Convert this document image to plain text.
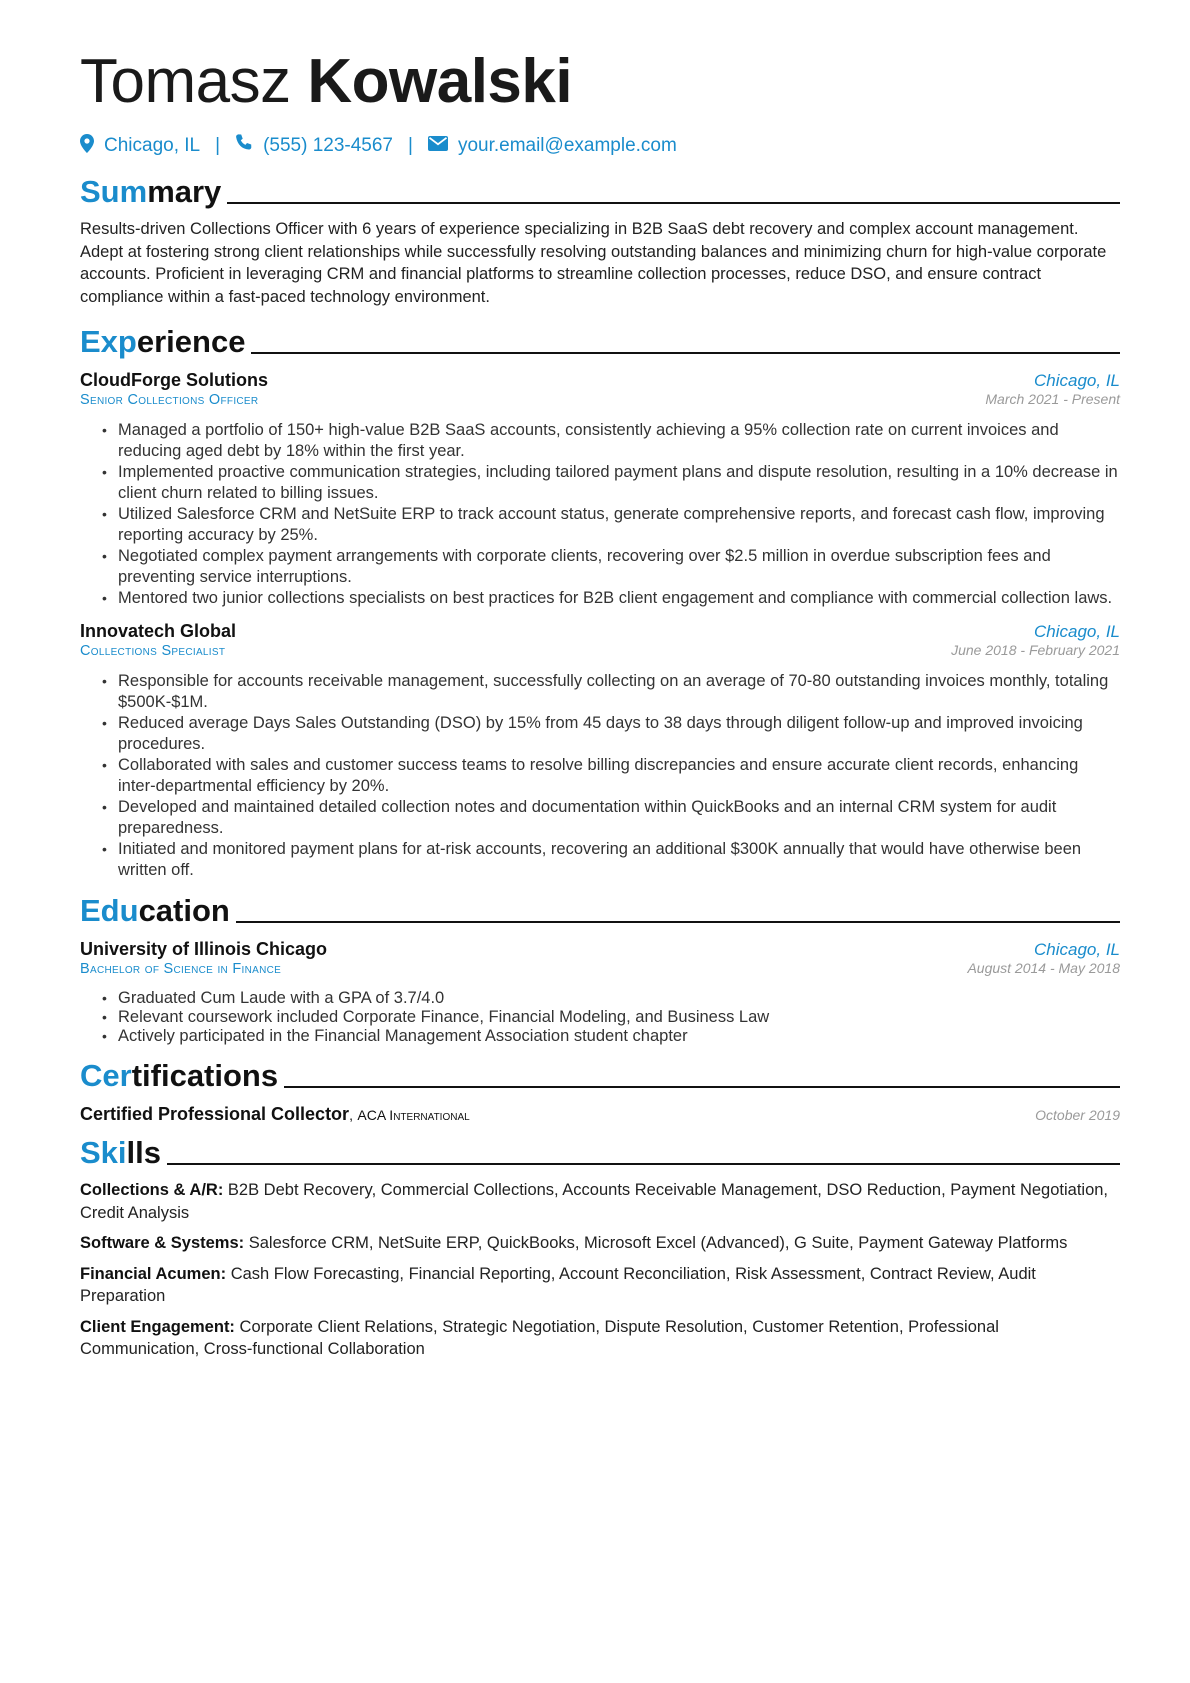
Tomasz Kowalski
Chicago, IL | (555) 123-4567 | your.email@example.com
Summary

Results-driven Collections Officer with 6 years of experience specializing in B2B SaaS debt recovery and complex account management. Adept at fostering strong client relationships while successfully resolving outstanding balances and minimizing churn for high-value corporate accounts. Proficient in leveraging CRM and financial platforms to streamline collection processes, reduce DSO, and ensure contract compliance within a fast-paced technology environment.

Experience
CloudForge Solutions	Chicago, IL
Senior Collections Officer	March 2021 - Present
• Managed a portfolio of 150+ high-value B2B SaaS accounts, consistently achieving a 95% collection rate on current invoices and reducing aged debt by 18% within the first year.
• Implemented proactive communication strategies, including tailored payment plans and dispute resolution, resulting in a 10% decrease in client churn related to billing issues.
• Utilized Salesforce CRM and NetSuite ERP to track account status, generate comprehensive reports, and forecast cash flow, improving reporting accuracy by 25%.
• Negotiated complex payment arrangements with corporate clients, recovering over $2.5 million in overdue subscription fees and preventing service interruptions.
• Mentored two junior collections specialists on best practices for B2B client engagement and compliance with commercial collection laws.
Innovatech Global	Chicago, IL
Collections Specialist	June 2018 - February 2021
• Responsible for accounts receivable management, successfully collecting on an average of 70-80 outstanding invoices monthly, totaling $500K-$1M.
• Reduced average Days Sales Outstanding (DSO) by 15% from 45 days to 38 days through diligent follow-up and improved invoicing procedures.
• Collaborated with sales and customer success teams to resolve billing discrepancies and ensure accurate client records, enhancing inter-departmental efficiency by 20%.
• Developed and maintained detailed collection notes and documentation within QuickBooks and an internal CRM system for audit preparedness.
• Initiated and monitored payment plans for at-risk accounts, recovering an additional $300K annually that would have otherwise been written off.
Education
University of Illinois Chicago	Chicago, IL
Bachelor of Science in Finance	August 2014 - May 2018
• Graduated Cum Laude with a GPA of 3.7/4.0
• Relevant coursework included Corporate Finance, Financial Modeling, and Business Law
• Actively participated in the Financial Management Association student chapter
Certifications
Certified Professional Collector, ACA International	October 2019
Skills

Collections & A/R: B2B Debt Recovery, Commercial Collections, Accounts Receivable Management, DSO Reduction, Payment Negotiation, Credit Analysis

Software & Systems: Salesforce CRM, NetSuite ERP, QuickBooks, Microsoft Excel (Advanced), G Suite, Payment Gateway Platforms

Financial Acumen: Cash Flow Forecasting, Financial Reporting, Account Reconciliation, Risk Assessment, Contract Review, Audit Preparation

Client Engagement: Corporate Client Relations, Strategic Negotiation, Dispute Resolution, Customer Retention, Professional Communication, Cross-functional Collaboration
